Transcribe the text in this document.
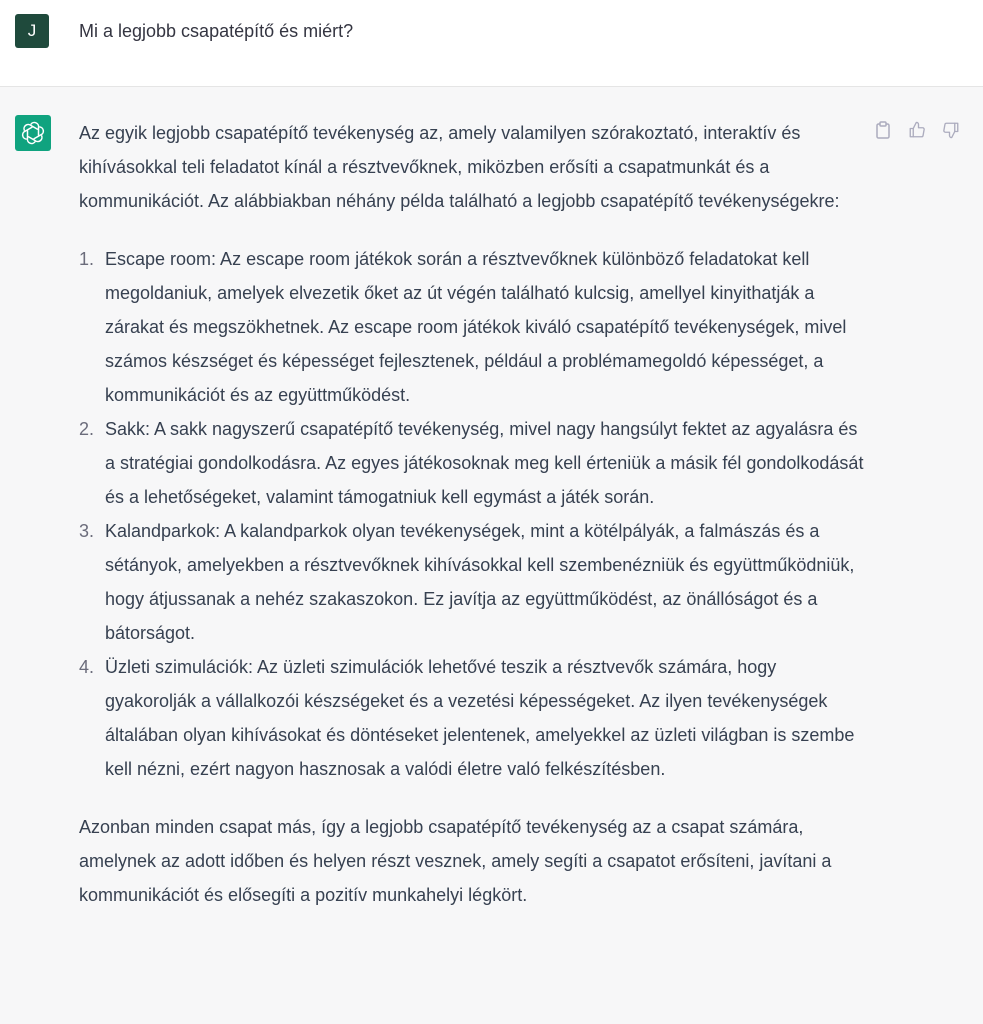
J	Mi a legjobb csapatépítő és miért?

Az egyik legjobb csapatépítő tevékenység az, amely valamilyen szórakoztató, interaktív és kihívásokkal teli feladatot kínál a résztvevőknek, miközben erősíti a csapatmunkát és a kommunikációt. Az alábbiakban néhány példa található a legjobb csapatépítő tevékenységekre:

1. Escape room: Az escape room játékok során a résztvevőknek különböző feladatokat kell megoldaniuk, amelyek elvezetik őket az út végén található kulcsig, amellyel kinyithatják a zárakat és megszökhetnek. Az escape room játékok kiváló csapatépítő tevékenységek, mivel számos készséget és képességet fejlesztenek, például a problémamegoldó képességet, a kommunikációt és az együttműködést.
2. Sakk: A sakk nagyszerű csapatépítő tevékenység, mivel nagy hangsúlyt fektet az agyalásra és a stratégiai gondolkodásra. Az egyes játékosoknak meg kell érteniük a másik fél gondolkodását és a lehetőségeket, valamint támogatniuk kell egymást a játék során.
3. Kalandparkok: A kalandparkok olyan tevékenységek, mint a kötélpályák, a falmászás és a sétányok, amelyekben a résztvevőknek kihívásokkal kell szembenézniük és együttműködniük, hogy átjussanak a nehéz szakaszokon. Ez javítja az együttműködést, az önállóságot és a bátorságot.
4. Üzleti szimulációk: Az üzleti szimulációk lehetővé teszik a résztvevők számára, hogy gyakorolják a vállalkozói készségeket és a vezetési képességeket. Az ilyen tevékenységek általában olyan kihívásokat és döntéseket jelentenek, amelyekkel az üzleti világban is szembe kell nézni, ezért nagyon hasznosak a valódi életre való felkészítésben.

Azonban minden csapat más, így a legjobb csapatépítő tevékenység az a csapat számára, amelynek az adott időben és helyen részt vesznek, amely segíti a csapatot erősíteni, javítani a kommunikációt és elősegíti a pozitív munkahelyi légkört.
